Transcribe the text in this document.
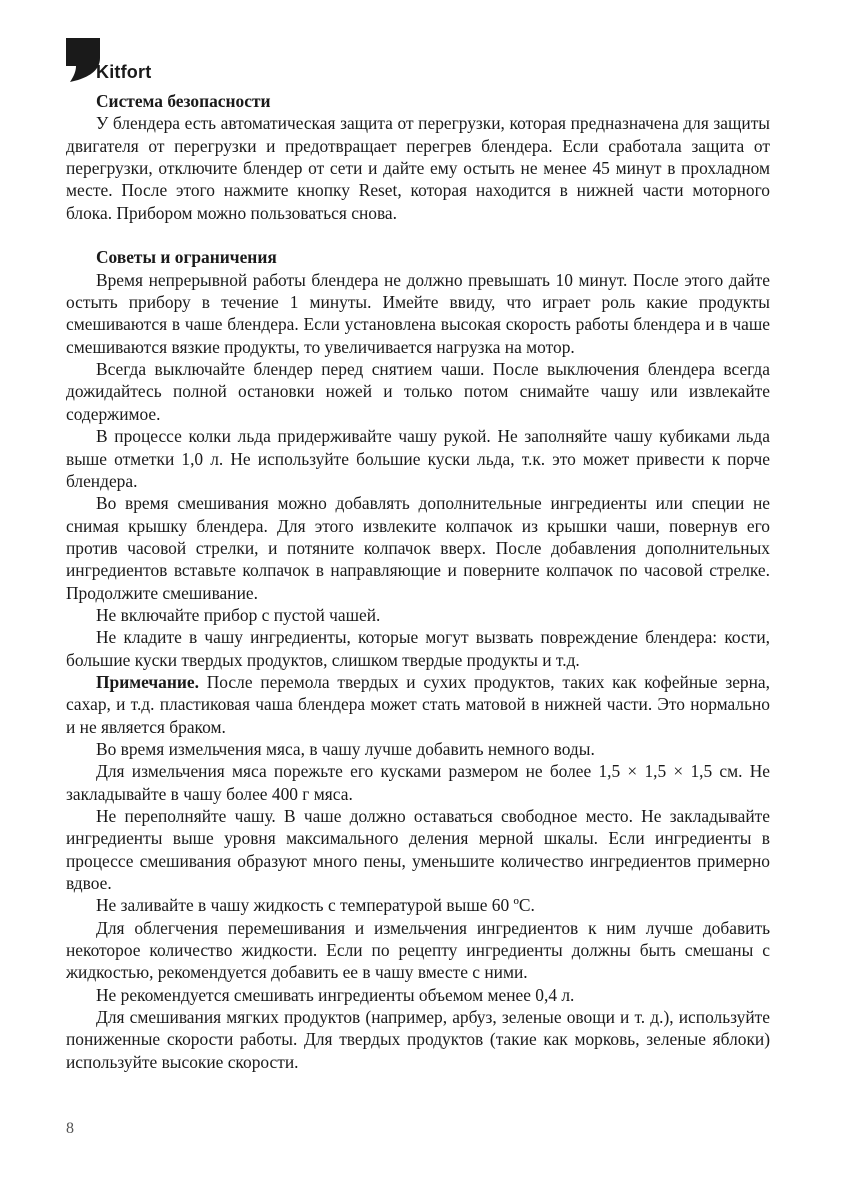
Kitfort
Система безопасности

У блендера есть автоматическая защита от перегрузки, которая предназначена для защиты двигателя от перегрузки и предотвращает перегрев блендера. Если сработала защита от перегрузки, отключите блендер от сети и дайте ему остыть не менее 45 минут в прохладном месте. После этого нажмите кнопку Reset, которая находится в нижней части моторного блока. Прибором можно пользоваться снова.

Советы и ограничения

Время непрерывной работы блендера не должно превышать 10 минут. После этого дайте остыть прибору в течение 1 минуты. Имейте ввиду, что играет роль какие продукты смешиваются в чаше блендера. Если установлена высокая скорость работы блендера и в чаше смешиваются вязкие продукты, то увеличивается нагрузка на мотор.

Всегда выключайте блендер перед снятием чаши. После выключения блендера всегда дожидайтесь полной остановки ножей и только потом снимайте чашу или извлекайте содержимое.

В процессе колки льда придерживайте чашу рукой. Не заполняйте чашу кубиками льда выше отметки 1,0 л. Не используйте большие куски льда, т.к. это может привести к порче блендера.

Во время смешивания можно добавлять дополнительные ингредиенты или специи не снимая крышку блендера. Для этого извлеките колпачок из крышки чаши, повернув его против часовой стрелки, и потяните колпачок вверх. После добавления дополнительных ингредиентов вставьте колпачок в направляющие и поверните колпачок по часовой стрелке. Продолжите смешивание.

Не включайте прибор с пустой чашей.

Не кладите в чашу ингредиенты, которые могут вызвать повреждение блендера: кости, большие куски твердых продуктов, слишком твердые продукты и т.д.

Примечание. После перемола твердых и сухих продуктов, таких как кофейные зерна, сахар, и т.д. пластиковая чаша блендера может стать матовой в нижней части. Это нормально и не является браком.

Во время измельчения мяса, в чашу лучше добавить немного воды.

Для измельчения мяса порежьте его кусками размером не более 1,5 × 1,5 × 1,5 см. Не закладывайте в чашу более 400 г мяса.

Не переполняйте чашу. В чаше должно оставаться свободное место. Не закладывайте ингредиенты выше уровня максимального деления мерной шкалы. Если ингредиенты в процессе смешивания образуют много пены, уменьшите количество ингредиентов примерно вдвое.

Не заливайте в чашу жидкость с температурой выше 60 ºС.

Для облегчения перемешивания и измельчения ингредиентов к ним лучше добавить некоторое количество жидкости. Если по рецепту ингредиенты должны быть смешаны с жидкостью, рекомендуется добавить ее в чашу вместе с ними.

Не рекомендуется смешивать ингредиенты объемом менее 0,4 л.

Для смешивания мягких продуктов (например, арбуз, зеленые овощи и т. д.), используйте пониженные скорости работы. Для твердых продуктов (такие как морковь, зеленые яблоки) используйте высокие скорости.

8
